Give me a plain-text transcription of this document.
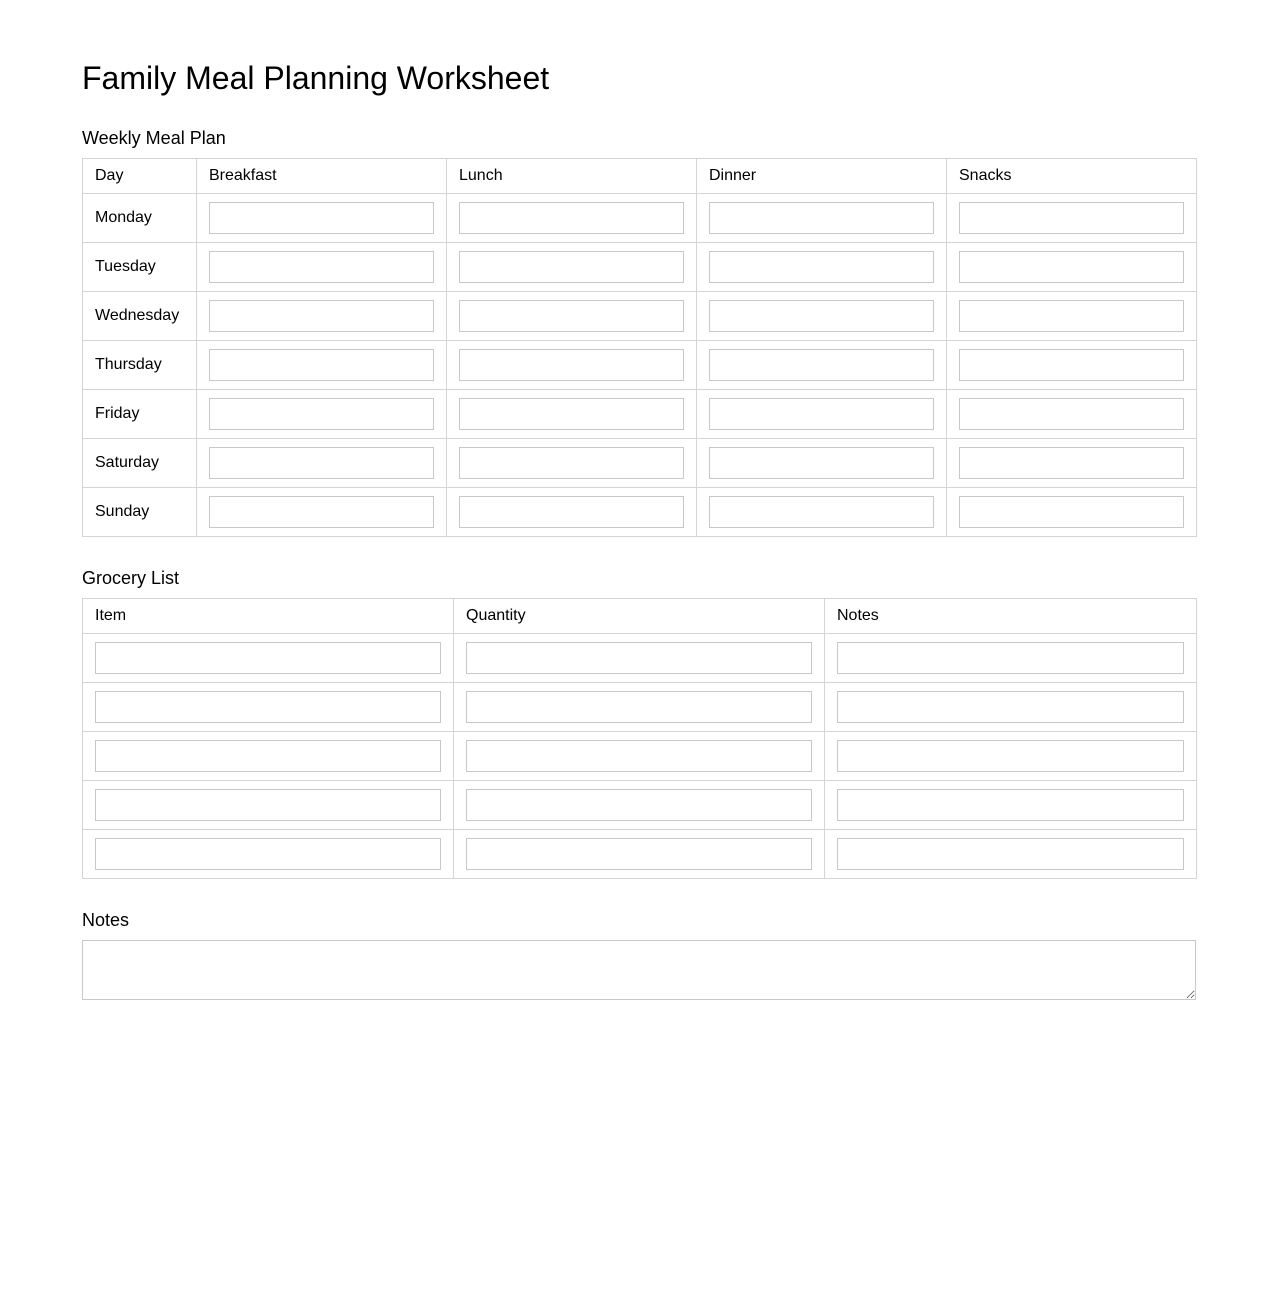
Family Meal Planning Worksheet
Weekly Meal Plan
Day	Breakfast	Lunch	Dinner	Snacks
Monday	

Tuesday	

Wednesday	

Thursday	

Friday	

Saturday	

Sunday	

Grocery List
Item	Quantity	Notes

Notes
